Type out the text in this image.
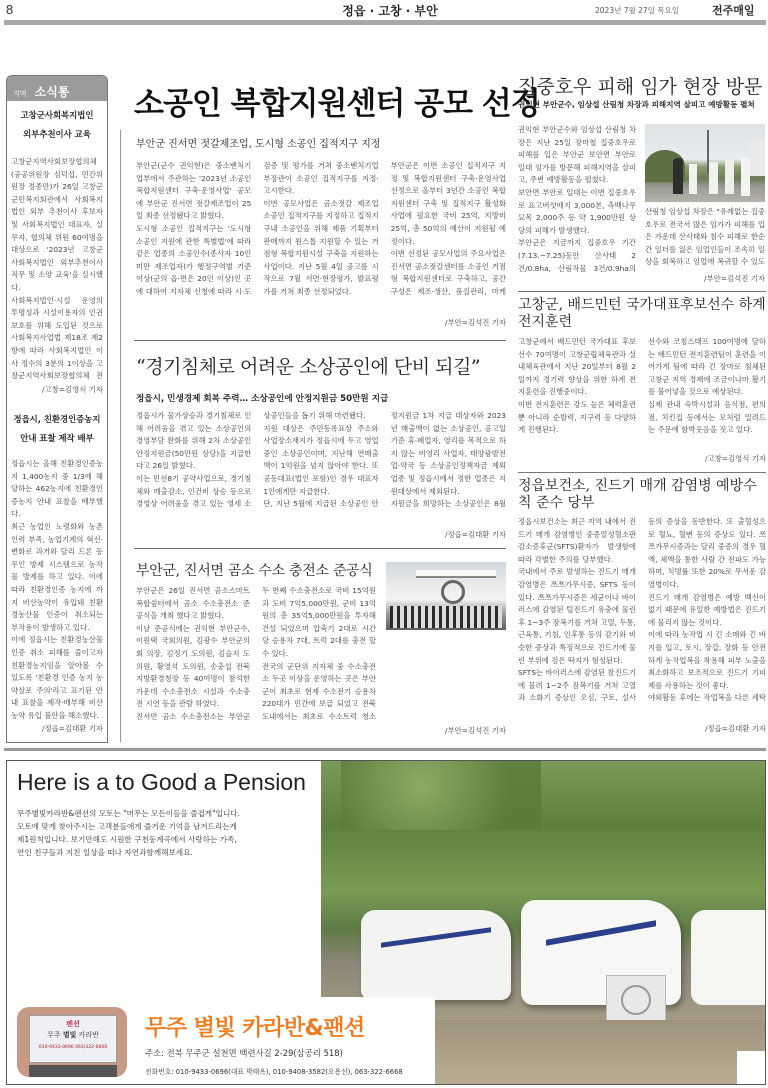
8	정읍 · 고창 · 부안	2023년 7월 27일 목요일	전주매일
지역 소식통
고창군사회복지법인
외부추천이사 교육
고창군지역사회보장협의체(공공위원장 심덕섭, 민간위원장 정종만)가 26일 고창군 군민복지회관에서 사회복지법인 외부 추천이사 후보자 및 사회복지법인 대표자, 실무자, 협의체 위원 60여명을 대상으로 '2023년 고창군 사회복지법인 외부추천이사 직무 및 소양 교육'을 실시했다.
사회복지법인·시설 운영의 투명성과 시설이용자의 인권보호를 위해 도입된 것으로 사회복지사업법 제18조 제2항에 따라 사회복지법인 이사 정수의 3분의 1이상을 고창군지역사회보장협의체 전

/고창=김영식 기자
정읍시, 친환경인증농지
안내 표찰 제작 배부
정읍시는 올해 친환경인증농지 1,400농지 중 1/3에 해당하는 462농지에 친환경인증농지 안내 표찰을 배부했다.
최근 농업인 노령화와 농촌인력 부족, 농업기계의 혁신·변화로 과거와 달리 드론 등 무인 방제 시스템으로 농작물 방제를 하고 있다. 이에 따라 친환경인증 농지에 까지 비산농약이 유입돼 친환경농산물 인증이 취소되는 부작용이 발생하고 있다.
이에 정읍시는 친환경농산물 인증 취소 피해를 줄이고자 친환경농지임을 알아볼 수 있도록 '친환경 인증 농지 농약살포 주의'라고 표기된 안내 표찰을 제작·배부해 비산농약 유입 불안을 해소했다.

/정읍=김대환 기자
소공인 복합지원센터 공모 선정
부안군 진서면 젓갈제조업, 도시형 소공인 집적지구 지정
부안군(군수 권익현)은 중소벤처기업부에서 주관하는 '2023년 소공인 복합지원센터 구축·운영사업' 공모에 부안군 진서면 젓갈제조업이 25일 최종 선정됐다고 밝혔다.
도시형 소공인 집적지구는 '도시형소공인 지원에 관한 특별법'에 따라 같은 업종의 소공인수(종사자 10인 미만 제조업자)가 행정구역별 기준 이상(군의 읍·면은 20인 이상)인 곳에 대하여 지자체 신청에 따라 시·도 검증 및 평가를 거쳐 중소벤처기업부장관이 소공인 집적지구를 지정·고시한다.
이번 공모사업은 곰소젓갈 제조업 소공인 집적지구를 지정하고 집적지구내 소공인을 위해 제품 기획부터 판매까지 원스톱 지원할 수 있는 거점형 복합지원시설 구축을 지원하는 사업이다. 지난 5월 4일 공고를 시작으로 7월 서면·현장평가, 발표평가를 거쳐 최종 선정되었다.
부안군은 이번 소공인 집적지구 지정 및 복합지원센터 구축·운영사업 선정으로 올부터 3년간 소공인 복합지원센터 구축 및 집적지구 활성화 사업에 필요한 국비 25억, 지방비 25억, 총 50억의 예산이 지원될 예정이다.
이번 선정된 공모사업의 주요사업은 진서면 곰소젓갈센터를 소공인 거점형 복합지원센터로 구축하고, 공간구성은 제조·생산, 품질관리, 마케

/부안=김석진 기자
집중호우 피해 임가 현장 방문
권익현 부안군수, 임상섭 산림청 차장과 피해지역 살피고 예방활동 펼쳐
권익현 부안군수와 임상섭 산림청 차장은 지난 25일 장마철 집중호우로 피해를 입은 부안군 보안면 부안로 일대 임가를 방문해 피해지역을 살피고, 주변 예방활동을 펼쳤다.
보안면 부안로 일대는 이번 집중호우로 표고버섯배지 3,000본, 측백나무 묘목 2,000주 등 약 1,900만원 상당의 피해가 발생했다.
부안군은 지금까지 집중호우 기간(7.13.~7.25)동안 산사태 2건/0.8ha, 산림작물 3건/0.9ha의

산림청 임상섭 차장은 "유례없는 집중호우로 전국서 많은 임가가 피해를 입은 가운데 산사태와 침수 피해로 한순간 일터를 잃은 임업인들이 조속히 일상을 회복하고 임업에 복귀할 수 있도
/부안=김석진 기자
고창군, 배드민턴 국가대표후보선수 하계 전지훈련
고창군에서 배드민턴 국가대표 후보선수 70여명이 고창군립체육관과 실내체육관에서 지난 20일부터 8월 2일까지 경기력 향상을 위한 하계 전지훈련을 진행중이다.
이번 전지훈련은 강도 높은 체력훈련뿐 아니라 순발력, 지구력 등 다양하게 진행된다.
선수와 코칭스태프 100여명에 달하는 배드민턴 전지훈련팀이 훈련을 이어가게 됨에 따라 긴 장마로 침체된 고창군 지역 경제에 조금이나마 활기를 불어넣을 것으로 예상된다.
실제 관내 숙박시설과 음식점, 편의점, 치킨집 등에서는 모처럼 밀려드는 주문에 함박웃음을 짓고 있다.

/고창=김영식 기자
정읍보건소, 진드기 매개 감염병 예방수칙 준수 당부
정읍시보건소는 최근 지역 내에서 진드기 매개 감염병인 중증열성혈소판감소증후군(SFTS)환자가 발생함에 따라 각별한 주의를 당부했다.
국내에서 주로 발생하는 진드기 매개 감염병은 쯔쯔가무시증, SFTS 등이 있다. 쯔쯔가무시증은 세균이나 바이러스에 감염된 털진드기 유충에 물린 후 1~3주 잠복기를 거쳐 고열, 두통, 근육통, 기침, 인후통 등의 감기와 비슷한 증상과 특징적으로 진드기에 물린 부위에 검은 딱지가 형성된다.
SFTS는 바이러스에 감염된 참진드기에 물려 1~2주 잠복기를 거쳐 고열과 소화기 증상인 오심, 구토, 설사 등의 증상을 동반한다. 또 출혈성으로 혈뇨, 혈변 등의 증상도 있다. 쯔쯔가무시증과는 달리 중증의 경우 혈액, 체액을 통한 사람 간 전파도 가능하며, 치명률 또한 20%로 무서운 감염병이다.
진드기 매개 감염병은 예방 백신이 없기 때문에 유일한 예방법은 진드기에 물리지 않는 것이다.
이에 따라 농작업 시 긴 소매와 긴 바지를 입고, 토시, 장갑, 장화 등 안전하게 농작업복을 착용해 피부 노출을 최소화하고 보조적으로 진드기 기피제를 사용하는 것이 좋다.
야외활동 후에는 작업복을 다른 세탁

/정읍=김대환 기자
“경기침체로 어려운 소상공인에 단비 되길”
정읍시, 민생경제 회복 주력… 소상공인에 안정지원금 50만원 지급
정읍시가 물가상승과 경기침체로 인해 어려움을 겪고 있는 소상공인의 경영부담 완화를 위해 2차 소상공인 안정지원금(50만원 상당)을 지급한다고 26일 밝혔다.
이는 민선8기 공약사업으로, 경기침체와 매출감소, 인건비 상승 등으로 경영상 어려움을 겪고 있는 영세 소상공인들을 돕기 위해 마련됐다.
지원 대상은 주민등록표상 주소와 사업장소재지가 정읍시에 두고 영업중인 소상공인이며, 지난해 연매출액이 1억원을 넘지 않아야 한다. 또 공동대표(법인 포함)인 경우 대표자 1인에게만 지급한다.
단, 지난 5월에 지급된 소상공인 안정지원금 1차 지급 대상자와 2023년 매출액이 없는 소상공인, 공고일 기준 휴·폐업자, 영리를 목적으로 하지 않는 비영리 사업자, 태양광발전업·약국 등 소상공인정책자금 제외업종 및 정읍시에서 정한 업종은 지원대상에서 제외된다.
지원금을 희망하는 소상공인은 8월

/정읍=김대환 기자
부안군, 진서면 곰소 수소 충전소 준공식
부안군은 26일 진서면 곰소스마트복합쉼터에서 곰소 수소충전소 준공식을 개최 했다고 밝혔다.
이날 준공식에는 권익현 부안군수, 이원택 국회의원, 김광수 부안군의회 의장, 김정기 도의원, 김슬지 도의원, 황영석 도의원, 송충섭 전북지방환경청장 등 40여명이 참석한 가운데 수소충전소 시설과 수소충전 시연 등을 관람 하였다.
진서면 곰소 수소충전소는 부안군 두 번째 수소충전소로 국비 15억원과 도비 7억5,000만원, 군비 13억원의 총 35억5,000만원을 투자해 건설 되었으며 압축기 2대로 시간당 승용차 7대, 트럭 2대를 충전 할 수 있다.
전국의 군단위 지자체 중 수소충전소 두곳 이상을 운영하는 곳은 부안군이 최초로 현재 수소전기 승용차 220대가 민간에 보급 되었고 전북도내에서는 최초로 수소트럭 청소

/부안=김석진 기자
Here is a to Good a Pension
무주별빛카라반&펜션의 모토는 "머무는 모든이들을 즐겁게"입니다.
모토에 맞게 찾아주시는 고객분들에게 즐거운 기억을 남겨드리는게
제1원칙입니다. 보기만해도 시원한 구천동계곡에서 사랑하는 가족,
연인 친구들과 지친 일상을 떠나 자연과함께해보세요.
펜션
무주 별빛 카라반
010-9433-0696 063)322-6668
무주 별빛 카라반&팬션
주소: 전북 무주군 설천면 백련사길 2-29(삼공리 518)
전화번호: 010-9433-0696(대표 박태옥), 010-9408-3582(오용선), 063-322-6668
